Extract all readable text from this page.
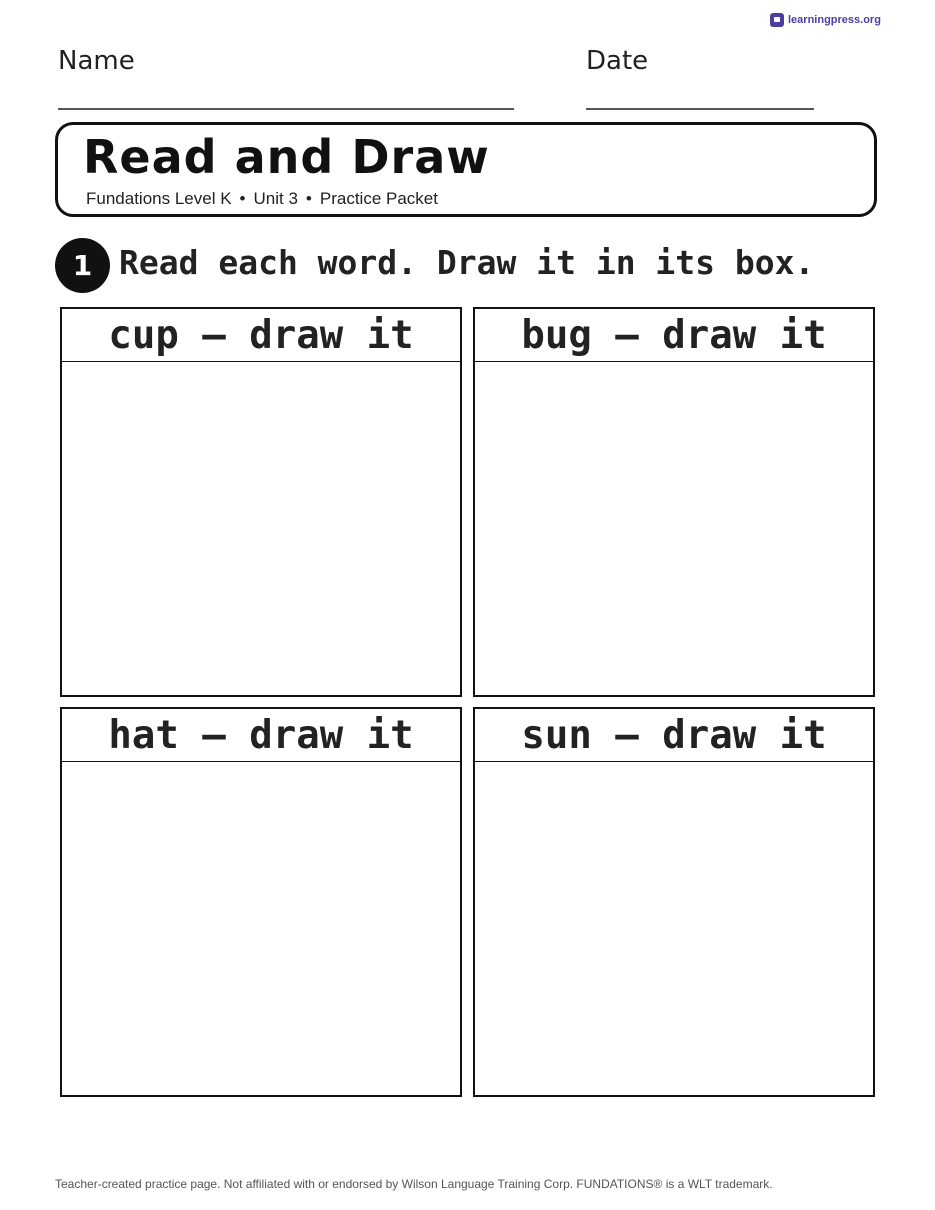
learningpress.org
Name	Date
Read and Draw
Fundations Level K • Unit 3 • Practice Packet
1 Read each word. Draw it in its box.
cup – draw it	bug – draw it
hat – draw it	sun – draw it
Teacher-created practice page. Not affiliated with or endorsed by Wilson Language Training Corp. FUNDATIONS® is a WLT trademark.
